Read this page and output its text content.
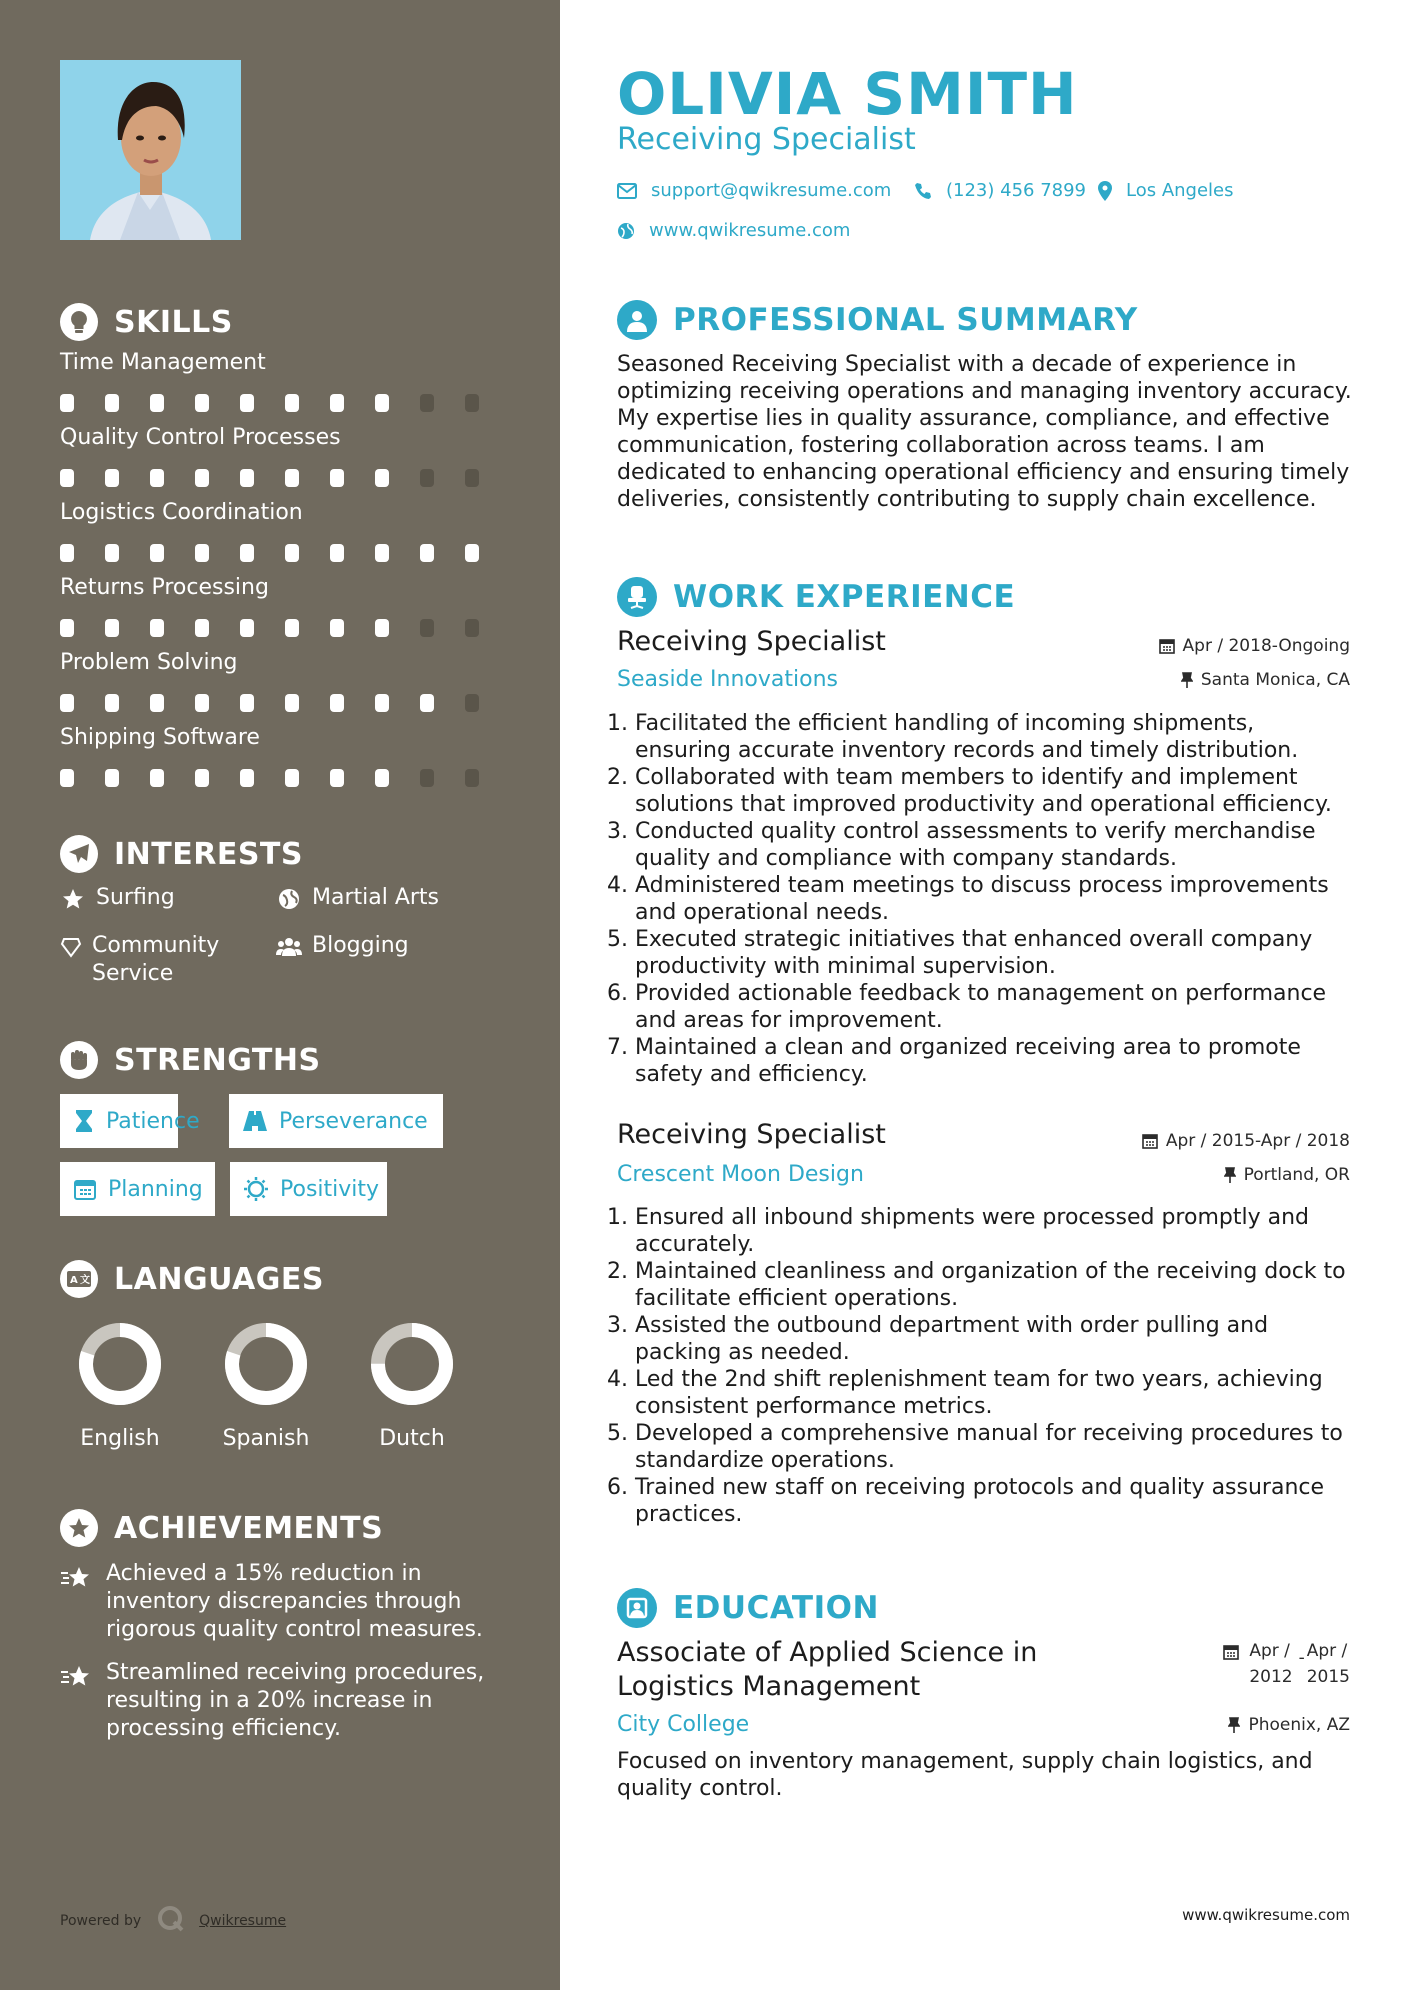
SKILLS
Time Management
Quality Control Processes
Logistics Coordination
Returns Processing
Problem Solving
Shipping Software
INTERESTS
Surfing	Martial Arts
Community Service
Blogging
STRENGTHS
Patience	Perseverance
Planning	Positivity
A 文 LANGUAGES
English	Spanish	Dutch
ACHIEVEMENTS
Achieved a 15% reduction in inventory discrepancies through rigorous quality control measures.
Streamlined receiving procedures, resulting in a 20% increase in processing efficiency.
Powered by	Qwikresume
OLIVIA SMITH
Receiving Specialist
support@qwikresume.com	(123) 456 7899 Los Angeles
www.qwikresume.com
PROFESSIONAL SUMMARY

Seasoned Receiving Specialist with a decade of experience in optimizing receiving operations and managing inventory accuracy. My expertise lies in quality assurance, compliance, and effective communication, fostering collaboration across teams. I am dedicated to enhancing operational efficiency and ensuring timely deliveries, consistently contributing to supply chain excellence.

WORK EXPERIENCE
Receiving Specialist
Seaside Innovations
Apr / 2018-Ongoing
Santa Monica, CA
1. Facilitated the efficient handling of incoming shipments, ensuring accurate inventory records and timely distribution.
2. Collaborated with team members to identify and implement solutions that improved productivity and operational efficiency.
3. Conducted quality control assessments to verify merchandise quality and compliance with company standards.
4. Administered team meetings to discuss process improvements and operational needs.
5. Executed strategic initiatives that enhanced overall company productivity with minimal supervision.
6. Provided actionable feedback to management on performance and areas for improvement.
7. Maintained a clean and organized receiving area to promote safety and efficiency.
Receiving Specialist
Crescent Moon Design
Apr / 2015-Apr / 2018
Portland, OR
1. Ensured all inbound shipments were processed promptly and accurately.
2. Maintained cleanliness and organization of the receiving dock to facilitate efficient operations.
3. Assisted the outbound department with order pulling and packing as needed.
4. Led the 2nd shift replenishment team for two years, achieving consistent performance metrics.
5. Developed a comprehensive manual for receiving procedures to standardize operations.
6. Trained new staff on receiving protocols and quality assurance practices.
EDUCATION
Associate of Applied Science in Logistics Management
Apr /
2012
- Apr /
2015
City College	Phoenix, AZ

Focused on inventory management, supply chain logistics, and quality control.

www.qwikresume.com
